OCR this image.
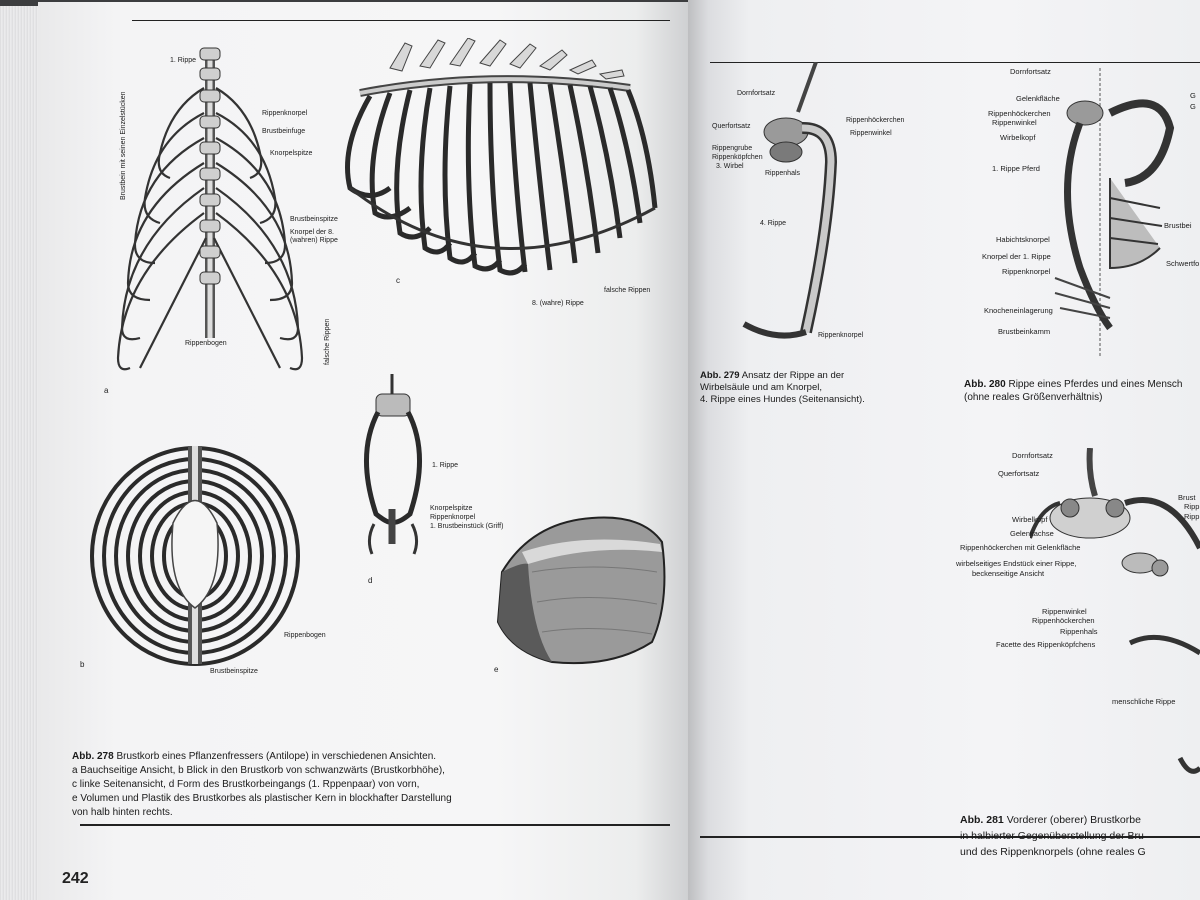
1. Rippe
Rippenknorpel
Brustbeinfuge
Knorpelspitze
Brustbeinspitze
Knorpel der 8.
(wahren) Rippe
Rippenbogen
Brustbein mit seinen Einzelstücken
falsche Rippen
a
8. (wahre) Rippe
falsche Rippen
c
Rippenbogen
Brustbeinspitze
b
1. Rippe
Knorpelspitze
Rippenknorpel
1. Brustbeinstück (Griff)
d
e
Abb. 278 Brustkorb eines Pflanzenfressers (Antilope) in verschiedenen Ansichten.
a Bauchseitige Ansicht, b Blick in den Brustkorb von schwanzwärts (Brustkorbhöhe),
c linke Seitenansicht, d Form des Brustkorbeingangs (1. Rppenpaar) von vorn,
e Volumen und Plastik des Brustkorbes als plastischer Kern in blockhafter Darstellung
von halb hinten rechts.
242
Dornfortsatz
Querfortsatz
Rippengrube
Rippenköpfchen
3. Wirbel
Rippenhöckerchen
Rippenwinkel
Rippenhals
4. Rippe
Rippenknorpel
Abb. 279 Ansatz der Rippe an der
Wirbelsäule und am Knorpel,
4. Rippe eines Hundes (Seitenansicht).
Dornfortsatz
Gelenkfläche
Rippenhöckerchen
Rippenwinkel
Wirbelkopf
1. Rippe Pferd
Habichtsknorpel
Knorpel der 1. Rippe
Rippenknorpel
Knocheneinlagerung
Brustbeinkamm
Brustbei
Schwertfo
G
G
Abb. 280 Rippe eines Pferdes und eines Mensch
(ohne reales Größenverhältnis)
Dornfortsatz
Querfortsatz
Wirbelkopf
Gelenkachse
Rippenhöckerchen mit Gelenkfläche
wirbelseitiges Endstück einer Rippe,
beckenseitige Ansicht
Rippenwinkel
Rippenhöckerchen
Rippenhals
Facette des Rippenköpfchens
menschliche Rippe
Brust
Ripp
Ripp
Abb. 281 Vorderer (oberer) Brustkorbe
in halbierter Gegenüberstellung der Bru
und des Rippenknorpels (ohne reales G
